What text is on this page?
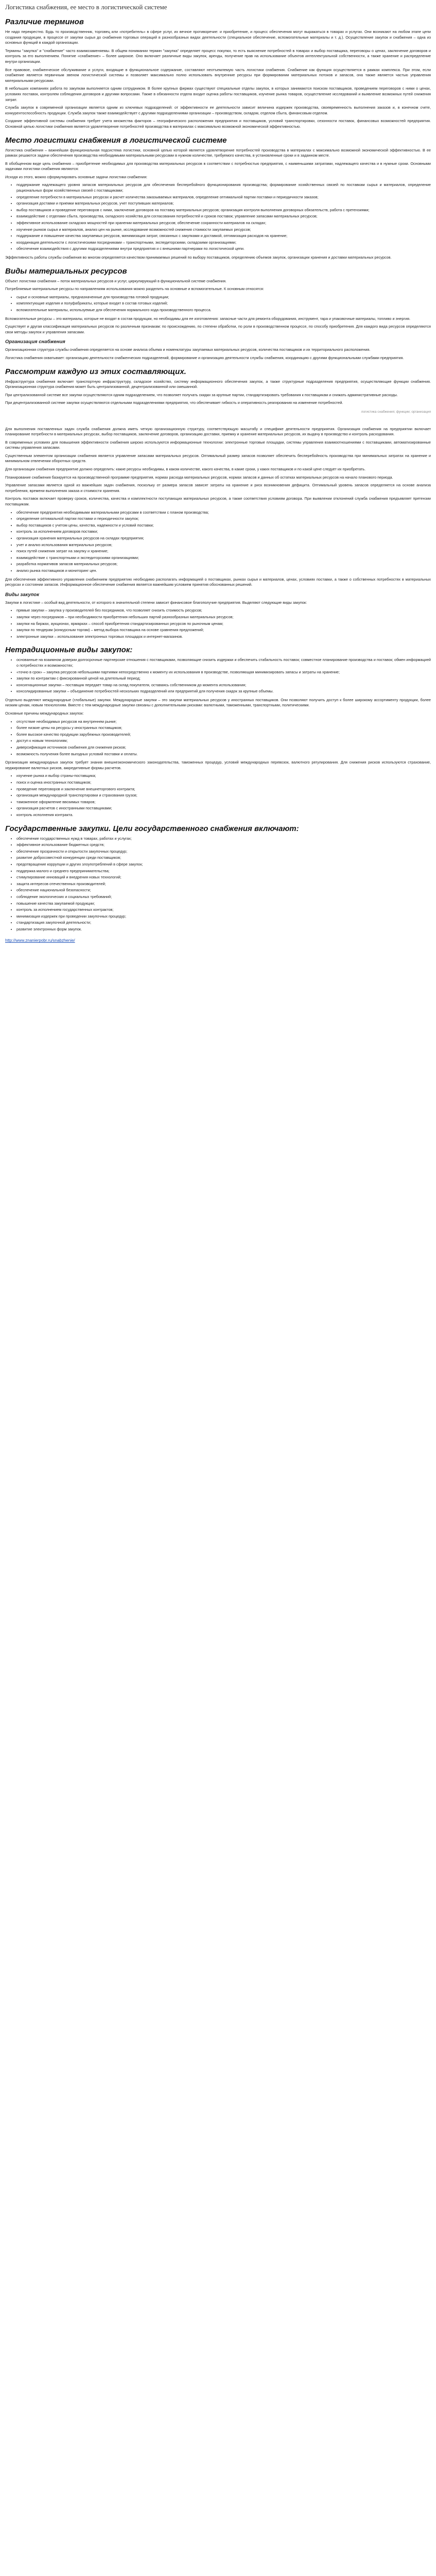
Логистика снабжения, ее место в логистической системе
Различие терминов

Не надо перекрестно. Будь то производственник, торговец или «потребитель» в сфере услуг, их вечное противоречие: и приобретение, и процесс обеспечения могут выражаться в товарах и услугах. Они возникают на любом этапе цепи создания продукции, в процессе от закупки сырья до снабжения торговых операций в разнообразных видах деятельности (специальное обеспечение, вспомогательные материалы и т. д.). Осуществление закупок и снабжения – одна из основных функций в каждой организации.

Термины "закупка" и "снабжение" часто взаимозаменяемы. В общем понимании термин "закупка" определяет процесс покупки, то есть выяснение потребностей в товарах и выбор поставщика, переговоры о ценах, заключение договоров и контроль за его выполнением. Понятие «снабжение» – более широкое. Оно включает различные виды закупок, аренды, получение прав на использование объектов интеллектуальной собственности, а также хранение и распределение внутри организации.

Все правовое, снабженческое обслуживание и услуги, входящие в функциональное содержание, составляют неотъемлемую часть логистики снабжения. Снабжение как функция осуществляется в рамках комплекса. При этом, если снабжение является первичным звеном логистической системы и позволяет максимально полно использовать внутренние ресурсы при формировании материальных потоков и запасов, она также является частью управления материальными ресурсами.

В небольших компаниях работа по закупкам выполняется одним сотрудником. В более крупных фирмах существуют специальные отделы закупок, в которых занимаются поиском поставщиков, проведением переговоров с ними о ценах, условиях поставок, контролем соблюдения договоров и другими вопросами. Также в обязанности отдела входит оценка работы поставщиков, изучение рынка товаров, осуществление исследований и выявление возможных путей снижения затрат.

Служба закупок в современной организации является одним из ключевых подразделений: от эффективности ее деятельности зависит величина издержек производства, своевременность выполнения заказов и, в конечном счете, конкурентоспособность продукции. Служба закупок также взаимодействует с другими подразделениями организации – производством, складом, отделом сбыта, финансовым отделом.

Создание эффективной системы снабжения требует учета множества факторов – географического расположения предприятия и поставщиков, условий транспортировки, сезонности поставок, финансовых возможностей предприятия. Основной целью логистики снабжения является удовлетворение потребностей производства в материалах с максимально возможной экономической эффективностью.

Место логистики снабжения в логистической системе

Логистика снабжения – важнейшая функциональная подсистема логистики, основной целью которой является удовлетворение потребностей производства в материалах с максимально возможной экономической эффективностью. В ее рамках решаются задачи обеспечения производства необходимыми материальными ресурсами в нужном количестве, требуемого качества, в установленные сроки и в заданном месте.

В обобщенном виде цель снабжения – приобретение необходимых для производства материальных ресурсов в соответствии с потребностью предприятия, с наименьшими затратами, надлежащего качества и в нужные сроки. Основными задачами логистики снабжения являются:

Исходя из этого, можно сформулировать основные задачи логистики снабжения:

• поддержание надлежащего уровня запасов материальных ресурсов для обеспечения бесперебойного функционирования производства; формирование хозяйственных связей по поставкам сырья и материалов, определение рациональных форм хозяйственных связей с поставщиками;
• определение потребности в материальных ресурсах и расчет количества заказываемых материалов, определение оптимальной партии поставки и периодичности заказов;
• организация доставки и приемки материальных ресурсов, учет поступивших материалов;
• выбор поставщиков и проведение переговоров с ними, заключение договоров на поставку материальных ресурсов; организация контроля выполнения договорных обязательств, работа с претензиями;
• взаимодействие с отделами сбыта, производства, складского хозяйства для согласования потребностей и сроков поставок; управление запасами материальных ресурсов;
• эффективное использование складских мощностей при хранении материальных ресурсов; обеспечение сохранности материалов на складах;
• изучение рынков сырья и материалов, анализ цен на рынке, исследование возможностей снижения стоимости закупаемых ресурсов;
• поддержание и повышение качества закупаемых ресурсов, минимизация затрат, связанных с закупками и доставкой, оптимизация расходов на хранение;
• координация деятельности с логистическими посредниками – транспортными, экспедиторскими, складскими организациями;
• обеспечение взаимодействия с другими подразделениями внутри предприятия и с внешними партнерами по логистической цепи.

Эффективность работы службы снабжения во многом определяется качеством принимаемых решений по выбору поставщиков, определению объемов закупок, организации хранения и доставки материальных ресурсов.

Виды материальных ресурсов

Объект логистики снабжения – поток материальных ресурсов и услуг, циркулирующий в функциональной системе снабжения.

Потребляемые материальные ресурсы по направлениям использования можно разделить на основные и вспомогательные. К основным относятся:

• сырье и основные материалы, предназначенные для производства готовой продукции;
• комплектующие изделия и полуфабрикаты, которые входят в состав готовых изделий;
• вспомогательные материалы, используемые для обеспечения нормального хода производственного процесса.

Вспомогательные ресурсы – это материалы, которые не входят в состав продукции, но необходимы для ее изготовления: запасные части для ремонта оборудования, инструмент, тара и упаковочные материалы, топливо и энергия.

Существует и другая классификация материальных ресурсов по различным признакам: по происхождению, по степени обработки, по роли в производственном процессе, по способу приобретения. Для каждого вида ресурсов определяются свои методы закупок и управления запасами.

Организация снабжения

Организационная структура службы снабжения определяется на основе анализа объема и номенклатуры закупаемых материальных ресурсов, количества поставщиков и их территориального расположения.

Логистика снабжения охватывает: организацию деятельности снабженческих подразделений, формирование и организацию деятельности службы снабжения, координацию с другими функциональными службами предприятия.

Рассмотрим каждую из этих составляющих.

Инфраструктура снабжения включает транспортную инфраструктуру, складское хозяйство, систему информационного обеспечения закупок, а также структурные подразделения предприятия, осуществляющие функции снабжения. Организационная структура снабжения может быть централизованной, децентрализованной или смешанной.

При централизованной системе все закупки осуществляются одним подразделением, что позволяет получать скидки за крупные партии, стандартизировать требования к поставщикам и снижать административные расходы.

При децентрализованной системе закупки осуществляются отдельными подразделениями предприятия, что обеспечивает гибкость и оперативность реагирования на изменение потребностей.

логистика снабжения; функции; организация

Для выполнения поставленных задач служба снабжения должна иметь четкую организационную структуру, соответствующую масштабу и специфике деятельности предприятия. Организация снабжения на предприятии включает планирование потребности в материальных ресурсах, выбор поставщиков, заключение договоров, организацию доставки, приемку и хранение материальных ресурсов, их выдачу в производство и контроль расходования.

В современных условиях для повышения эффективности снабжения широко используются информационные технологии: электронные торговые площадки, системы управления взаимоотношениями с поставщиками, автоматизированные системы управления запасами.

Существенным элементом организации снабжения является управление запасами материальных ресурсов. Оптимальный размер запасов позволяет обеспечить бесперебойность производства при минимальных затратах на хранение и минимальном отвлечении оборотных средств.

Для организации снабжения предприятие должно определить: какие ресурсы необходимы, в каком количестве, какого качества, в какие сроки, у каких поставщиков и по какой цене следует их приобретать.

Планирование снабжения базируется на производственной программе предприятия, нормах расхода материальных ресурсов, нормах запасов и данных об остатках материальных ресурсов на начало планового периода.

Управление запасами является одной из важнейших задач снабжения, поскольку от размера запасов зависят затраты на хранение и риск возникновения дефицита. Оптимальный уровень запасов определяется на основе анализа потребления, времени выполнения заказа и стоимости хранения.

Контроль поставок включает проверку сроков, количества, качества и комплектности поступающих материальных ресурсов, а также соответствия условиям договора. При выявлении отклонений служба снабжения предъявляет претензии поставщикам.

• обеспечение предприятия необходимыми материальными ресурсами в соответствии с планом производства;
• определение оптимальной партии поставки и периодичности закупок;
• выбор поставщиков с учетом цены, качества, надежности и условий поставки;
• контроль за исполнением договоров поставки;
• организация хранения материальных ресурсов на складах предприятия;
• учет и анализ использования материальных ресурсов;
• поиск путей снижения затрат на закупку и хранение;
• взаимодействие с транспортными и экспедиторскими организациями;
• разработка нормативов запасов материальных ресурсов;
• анализ рынка поставщиков и мониторинг цен.

Для обеспечения эффективного управления снабжением предприятию необходимо располагать информацией о поставщиках, рынках сырья и материалов, ценах, условиях поставки, а также о собственных потребностях в материальных ресурсах и состоянии запасов. Информационное обеспечение снабжения является важнейшим условием принятия обоснованных решений.

Виды закупок

Закупки в логистике – особый вид деятельности, от которого в значительной степени зависит финансовое благополучие предприятия. Выделяют следующие виды закупок:

• прямые закупки – закупка у производителей без посредников, что позволяет снизить стоимость ресурсов;
• закупки через посредников – при необходимости приобретения небольших партий разнообразных материальных ресурсов;
• закупки на биржах, аукционах, ярмарках – способ приобретения стандартизированных ресурсов по рыночным ценам;
• закупки по тендерам (конкурсным торгам) – метод выбора поставщика на основе сравнения предложений;
• электронные закупки – использование электронных торговых площадок и интернет-магазинов.
Нетрадиционные виды закупок:
• основанные на взаимном доверии долгосрочные партнерские отношения с поставщиками, позволяющие снизить издержки и обеспечить стабильность поставок; совместное планирование производства и поставок; обмен информацией о потребностях и возможностях;
• «точно в срок» – закупка ресурсов небольшими партиями непосредственно к моменту их использования в производстве, позволяющая минимизировать запасы и затраты на хранение;
• закупки по контрактам с фиксированной ценой на длительный период;
• консигнационные закупки – поставщик передает товар на склад покупателя, оставаясь собственником до момента использования;
• консолидированные закупки – объединение потребностей нескольких подразделений или предприятий для получения скидок за крупные объемы.

Отдельно выделяют международные (глобальные) закупки. Международные закупки – это закупки материальных ресурсов у иностранных поставщиков. Они позволяют получить доступ к более широкому ассортименту продукции, более низким ценам, новым технологиям. Вместе с тем международные закупки связаны с дополнительными рисками: валютными, таможенными, транспортными, политическими.

Основные причины международных закупок:

• отсутствие необходимых ресурсов на внутреннем рынке;
• более низкие цены на ресурсы у иностранных поставщиков;
• более высокое качество продукции зарубежных производителей;
• доступ к новым технологиям;
• диверсификация источников снабжения для снижения рисков;
• возможность получения более выгодных условий поставки и оплаты.

Организация международных закупок требует знания внешнеэкономического законодательства, таможенных процедур, условий международных перевозок, валютного регулирования. Для снижения рисков используются страхование, хеджирование валютных рисков, аккредитивные формы расчетов.

• изучение рынка и выбор страны-поставщика;
• поиск и оценка иностранных поставщиков;
• проведение переговоров и заключение внешнеторгового контракта;
• организация международной транспортировки и страхования грузов;
• таможенное оформление ввозимых товаров;
• организация расчетов с иностранными поставщиками;
• контроль исполнения контракта.
Государственные закупки. Цели государственного снабжения включают:
• обеспечение государственных нужд в товарах, работах и услугах;
• эффективное использование бюджетных средств;
• обеспечение прозрачности и открытости закупочных процедур;
• развитие добросовестной конкуренции среди поставщиков;
• предотвращение коррупции и других злоупотреблений в сфере закупок;
• поддержка малого и среднего предпринимательства;
• стимулирование инноваций и внедрения новых технологий;
• защита интересов отечественных производителей;
• обеспечение национальной безопасности;
• соблюдение экологических и социальных требований;
• повышение качества закупаемой продукции;
• контроль за исполнением государственных контрактов;
• минимизация издержек при проведении закупочных процедур;
• стандартизация закупочной деятельности;
• развитие электронных форм закупок.
http://www.znanierpobr.ru/snabzhenie/
